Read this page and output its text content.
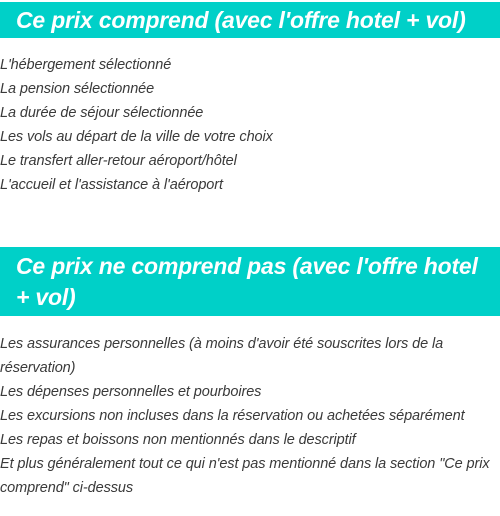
Ce prix comprend (avec l'offre hotel + vol)
L'hébergement sélectionné
La pension sélectionnée
La durée de séjour sélectionnée
Les vols au départ de la ville de votre choix
Le transfert aller-retour aéroport/hôtel
L'accueil et l'assistance à l'aéroport
Ce prix ne comprend pas (avec l'offre hotel + vol)
Les assurances personnelles (à moins d'avoir été souscrites lors de la réservation)
Les dépenses personnelles et pourboires
Les excursions non incluses dans la réservation ou achetées séparément
Les repas et boissons non mentionnés dans le descriptif
Et plus généralement tout ce qui n'est pas mentionné dans la section "Ce prix comprend" ci-dessus
